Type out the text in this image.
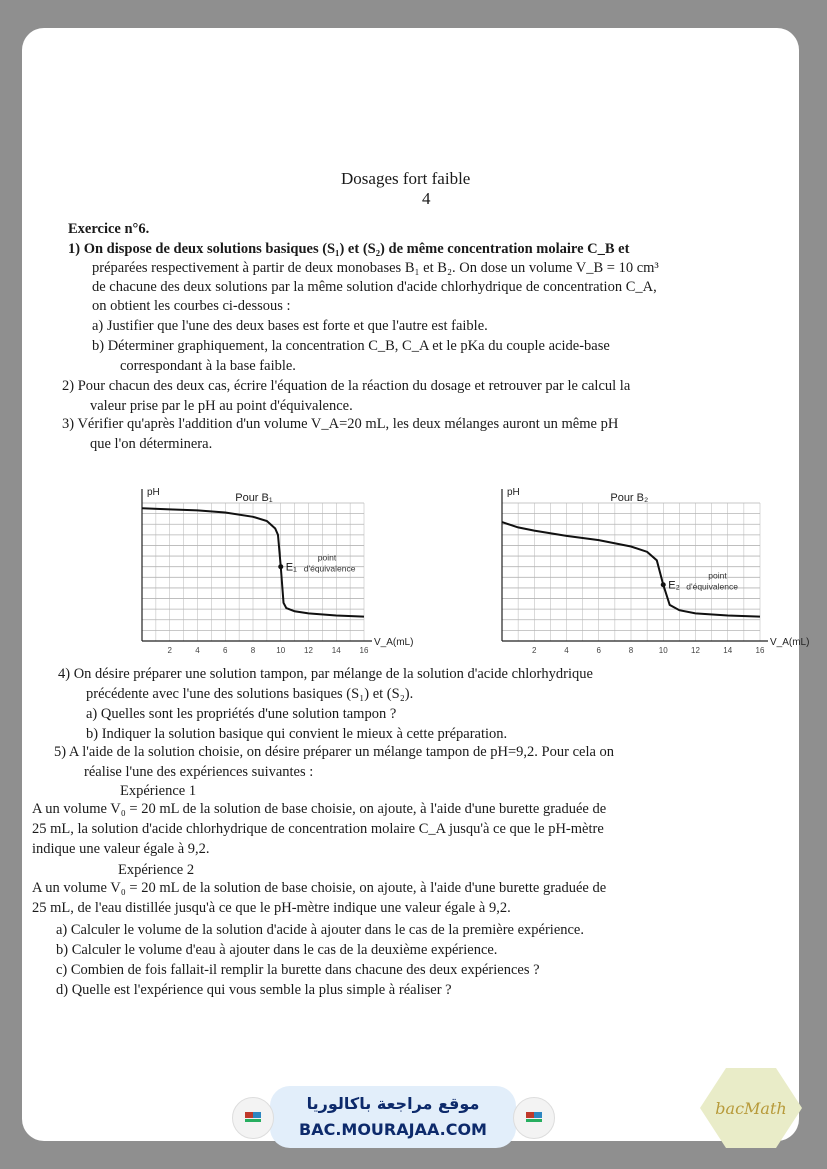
Dosages fort faible
4
Exercice n°6.
1) On dispose de deux solutions basiques (S₁) et (S₂) de même concentration molaire C_B et
préparées respectivement à partir de deux monobases B₁ et B₂. On dose un volume V_B = 10 cm³
de chacune des deux solutions par la même solution d'acide chlorhydrique de concentration C_A,
on obtient les courbes ci-dessous :
a) Justifier que l'une des deux bases est forte et que l'autre est faible.
b) Déterminer graphiquement, la concentration C_B, C_A et le pKa du couple acide-base
correspondant à la base faible.
2) Pour chacun des deux cas, écrire l'équation de la réaction du dosage et retrouver par le calcul la
valeur prise par le pH au point d'équivalence.
3) Vérifier qu'après l'addition d'un volume V_A=20 mL, les deux mélanges auront un même pH
que l'on déterminera.
4) On désire préparer une solution tampon, par mélange de la solution d'acide chlorhydrique
précédente avec l'une des solutions basiques (S₁) et (S₂).
a) Quelles sont les propriétés d'une solution tampon ?
b) Indiquer la solution basique qui convient le mieux à cette préparation.
5) A l'aide de la solution choisie, on désire préparer un mélange tampon de pH=9,2. Pour cela on
réalise l'une des expériences suivantes :
Expérience 1
A un volume V₀ = 20 mL de la solution de base choisie, on ajoute, à l'aide d'une burette graduée de
25 mL, la solution d'acide chlorhydrique de concentration molaire C_A jusqu'à ce que le pH-mètre
indique une valeur égale à 9,2.
Expérience 2
A un volume V₀ = 20 mL de la solution de base choisie, on ajoute, à l'aide d'une burette graduée de
25 mL, de l'eau distillée jusqu'à ce que le pH-mètre indique une valeur égale à 9,2.
a) Calculer le volume de la solution d'acide à ajouter dans le cas de la première expérience.
b) Calculer le volume d'eau à ajouter dans le cas de la deuxième expérience.
c) Combien de fois fallait-il remplir la burette dans chacune des deux expériences ?
d) Quelle est l'expérience qui vous semble la plus simple à réaliser ?
Pour B₁
pH
V_A(mL)
2	4	6	8	10 12 14 16
E₁
point
d'équivalence
Pour B₂
pH
V_A(mL)
2	4	6	8	10	12	14	16
E₂
point
d'équivalence
موقع مراجعة باكالوريا
BAC.MOURAJAA.COM
bacMath
